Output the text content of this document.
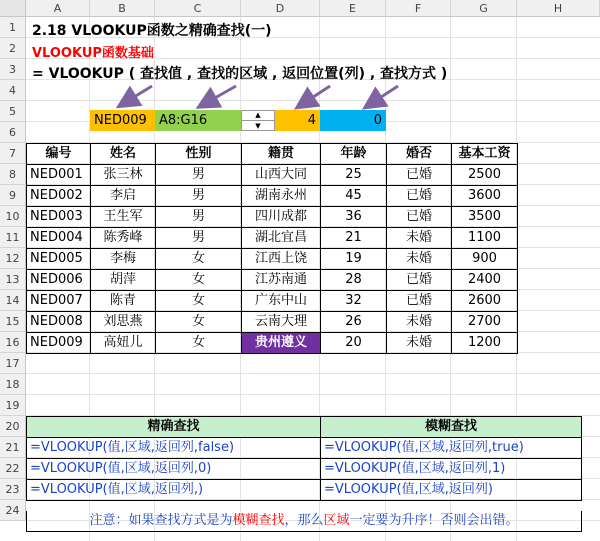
A	B	C	D	E	F	G	H
1
2
3
4
5
6
7
8
9
10
11
12
13
14
15
16
17
18
19
20
21
22
23
24
2.18 VLOOKUP函数之精确查找(一)
VLOOKUP函数基础
= VLOOKUP ( 查找值 , 查找的区域 , 返回位置(列) , 查找方式 )
NED009 A8:G16	▲
▼	4	0
编号	姓名	性别	籍贯	年龄	婚否	基本工资
NED001	张三林	男	山西大同	25	已婚	2500
NED002	李启	男	湖南永州	45	已婚	3600
NED003	王生军	男	四川成都	36	已婚	3500
NED004	陈秀峰	男	湖北宜昌	21	未婚	1100
NED005	李梅	女	江西上饶	19	未婚	900
NED006	胡萍	女	江苏南通	28	已婚	2400
NED007	陈青	女	广东中山	32	已婚	2600
NED008	刘思燕	女	云南大理	26	未婚	2700
NED009	高妞儿	女	贵州遵义	20	未婚	1200
精确查找	模糊查找
=VLOOKUP(值,区域,返回列,false)	=VLOOKUP(值,区域,返回列,true)
=VLOOKUP(值,区域,返回列,0)	=VLOOKUP(值,区域,返回列,1)
=VLOOKUP(值,区域,返回列,)	=VLOOKUP(值,区域,返回列)
注意：如果查找方式是为模糊查找，那么区域一定要为升序！否则会出错。
